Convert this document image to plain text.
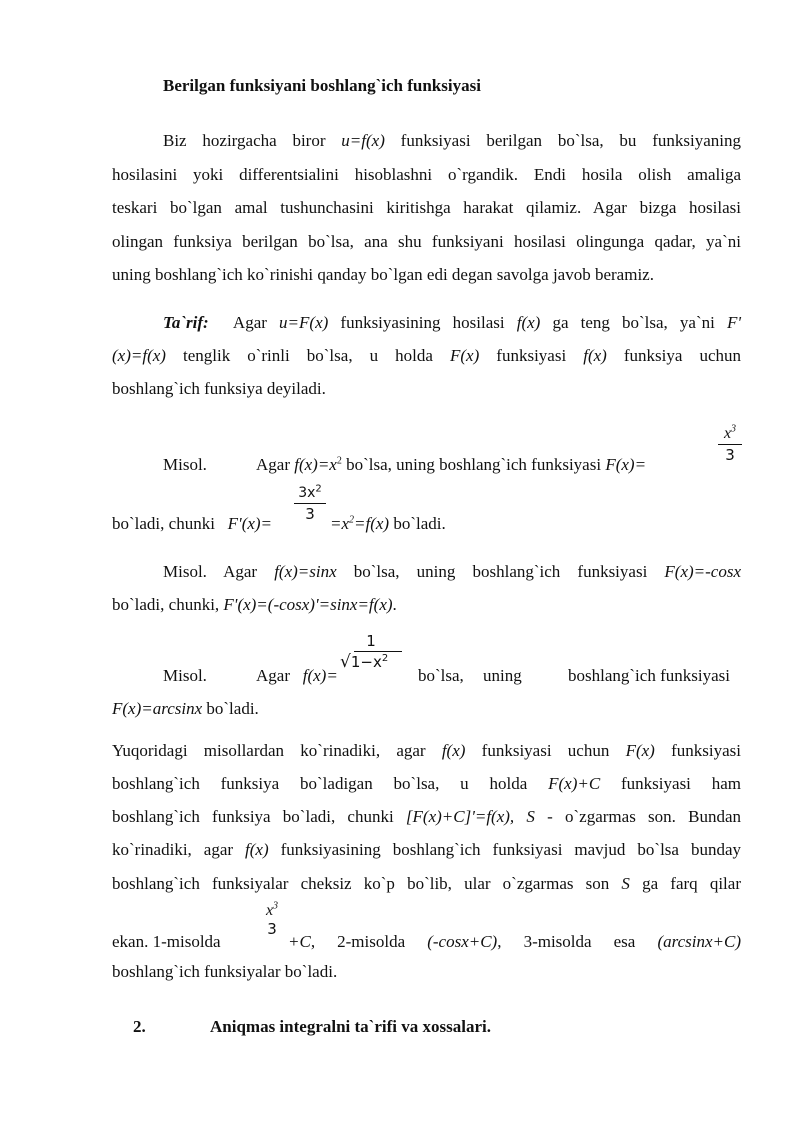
Berilgan funksiyani boshlang`ich funksiyasi
Biz hozirgacha biror u=f(x) funksiyasi berilgan bo`lsa, bu funksiyaning
hosilasini yoki differentsialini hisoblashni o`rgandik. Endi hosila olish amaliga
teskari bo`lgan amal tushunchasini kiritishga harakat qilamiz. Agar bizga hosilasi
olingan funksiya berilgan bo`lsa, ana shu funksiyani hosilasi olingunga qadar, ya`ni
uning boshlang`ich ko`rinishi qanday bo`lgan edi degan savolga javob beramiz.
Ta`rif: Agar u=F(x) funksiyasining hosilasi f(x) ga teng bo`lsa, ya`ni F'
(x)=f(x) tenglik o`rinli bo`lsa, u holda F(x) funksiyasi f(x) funksiya uchun
boshlang`ich funksiya deyiladi.
Misol.	Agar $f(x)=x^2$ bo`lsa, uning boshlang`ich funksiyasi F(x)=
$x^3$
3
bo`ladi, chunki   F'(x)=
$3x^2$
$3 =x^2=f(x)$ bo`ladi.
Misol. Agar f(x)=sinx bo`lsa, uning boshlang`ich funksiyasi F(x)=-cosx
bo`ladi, chunki, F'(x)=(-cosx)'=sinx=f(x).
Misol.	Agar   f(x)=
1
$√1-x^2$
bo`lsa, uning	boshlang`ich funksiyasi
F(x)=arcsinx bo`ladi.
Yuqoridagi misollardan ko`rinadiki, agar f(x) funksiyasi uchun F(x) funksiyasi
boshlang`ich funksiya bo`ladigan bo`lsa, u holda F(x)+C funksiyasi ham
boshlang`ich funksiya bo`ladi, chunki [F(x)+C]'=f(x), S - o`zgarmas son. Bundan
ko`rinadiki, agar f(x) funksiyasining boshlang`ich funksiyasi mavjud bo`lsa bunday
boshlang`ich funksiyalar cheksiz ko`p bo`lib, ular o`zgarmas son S ga farq qilar
ekan. 1-misolda
$x^3$
3
+C, 2-misolda (-cosx+C), 3-misolda esa (arcsinx+C)
boshlang`ich funksiyalar bo`ladi.
2.	Aniqmas integralni ta`rifi va xossalari.
